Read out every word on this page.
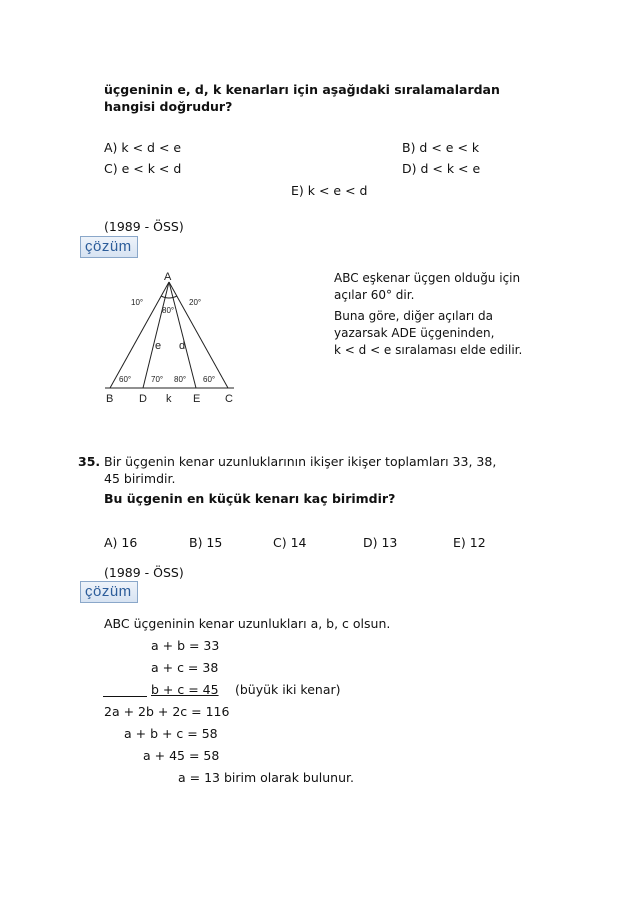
üçgeninin e, d, k kenarları için aşağıdaki sıralamalardan
hangisi doğrudur?
A) k < d < e	B) d < e < k
C) e < k < d	D) d < k < e
E) k < e < d
(1989 - ÖSS)
çözüm
A
10°
80°
20°
e d
60° 70° 80° 60°
B D k E C
ABC eşkenar üçgen olduğu için
açılar 60° dir.
Buna göre, diğer açıları da
yazarsak ADE üçgeninden,
k < d < e sıralaması elde edilir.
35. Bir üçgenin kenar uzunluklarının ikişer ikişer toplamları 33, 38,
45 birimdir.
Bu üçgenin en küçük kenarı kaç birimdir?
A) 16	B) 15	C) 14	D) 13	E) 12
(1989 - ÖSS)
çözüm
ABC üçgeninin kenar uzunlukları a, b, c olsun.
a + b = 33
a + c = 38
b + c = 45 (büyük iki kenar)
2a + 2b + 2c = 116
a + b + c = 58
a + 45 = 58
a = 13 birim olarak bulunur.
